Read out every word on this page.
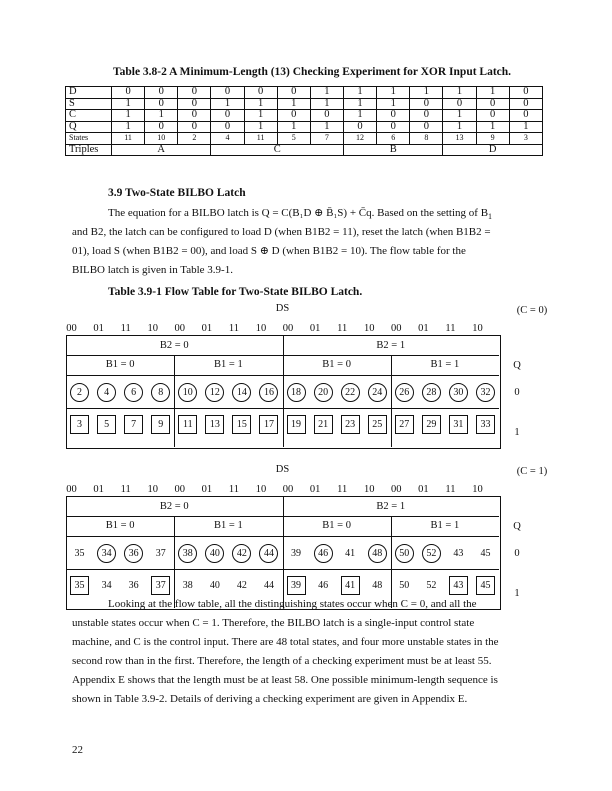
Table 3.8-2 A Minimum-Length (13) Checking Experiment for XOR Input Latch.
D	0	0	0	0	0	0	1	1	1	1	1	1	0
S	1	0	0	1	1	1	1	1	1	0	0	0	0
C	1	1	0	0	1	0	0	1	0	0	1	0	0
Q	1	0	0	0	1	1	1	0	0	0	1	1	1
States	11	10	2	4	11	5	7	12	6	8	13	9	3
Triples	A			C				B			D		
3.9 Two-State BILBO Latch
The equation for a BILBO latch is Q = C(B₁D ⊕ B̄₁S) + C̄q. Based on the setting of $B_1$
and B2, the latch can be configured to load D (when B1B2 = 11), reset the latch (when B1B2 =
01), load S (when B1B2 = 00), and load S ⊕ D (when B1B2 = 10). The flow table for the
BILBO latch is given in Table 3.9-1.
Table 3.9-1 Flow Table for Two-State BILBO Latch.
DS	(C = 0)
00	01	11	10	00	01	11	10	00	01	11	10	00	01	11	10
B2 = 0	B2 = 1
B1 = 0	B1 = 1	B1 = 0	B1 = 1	Q
2	4	6	8	10	12	14	16	18	20	22	24	26	28	30	32	0
3	5	7	9	11	13	15	17	19	21	23	25	27	29	31	33
1
DS	(C = 1)
00	01	11	10	00	01	11	10	00	01	11	10	00	01	11	10
B2 = 0	B2 = 1
B1 = 0	B1 = 1	B1 = 0	B1 = 1	Q
35	34	36	37	38	40	42	44	39	46	41	48	50	52	43	45	0
35	34	36	37	38	40	42	44	39	46	41	48	50	52	43	45
1
Looking at the flow table, all the distinguishing states occur when C = 0, and all the
unstable states occur when C = 1. Therefore, the BILBO latch is a single-input control state
machine, and C is the control input. There are 48 total states, and four more unstable states in the
second row than in the first. Therefore, the length of a checking experiment must be at least 55.
Appendix E shows that the length must be at least 58. One possible minimum-length sequence is
shown in Table 3.9-2. Details of deriving a checking experiment are given in Appendix E.
22
